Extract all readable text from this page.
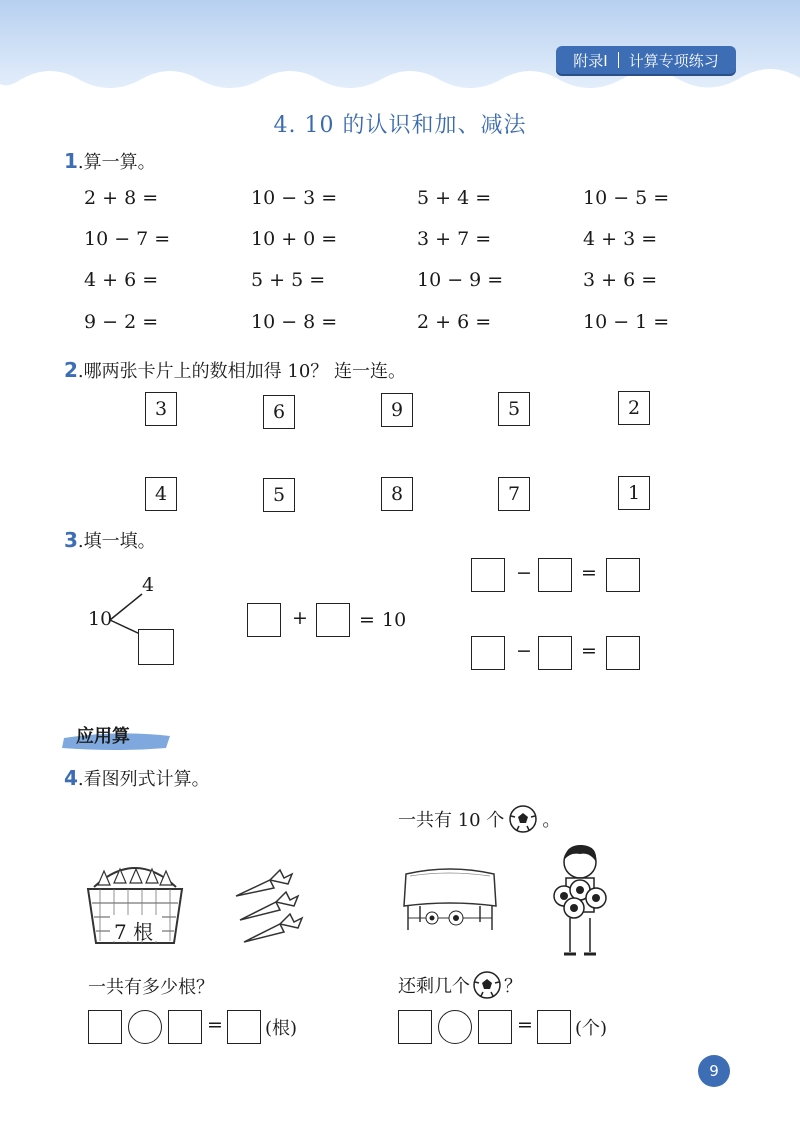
附录Ⅰ 计算专项练习
4. 10 的认识和加、减法
1.算一算。
2 + 8 =	10 − 3 =	5 + 4 =	10 − 5 =
10 − 7 =	10 + 0 =	3 + 7 =	4 + 3 =
4 + 6 =	5 + 5 =	10 − 9 =	3 + 6 =
9 − 2 =	10 − 8 =	2 + 6 =	10 − 1 =
2.哪两张卡片上的数相加得 10？ 连一连。
3	6	9	5	2
4	5	8	7	1
3.填一填。
10
4
+	= 10
−	=
−	=
应用算
4.看图列式计算。
7 根
一共有多少根？
= (根)
一共有 10 个 。
还剩几个 ？
= (个)
9
